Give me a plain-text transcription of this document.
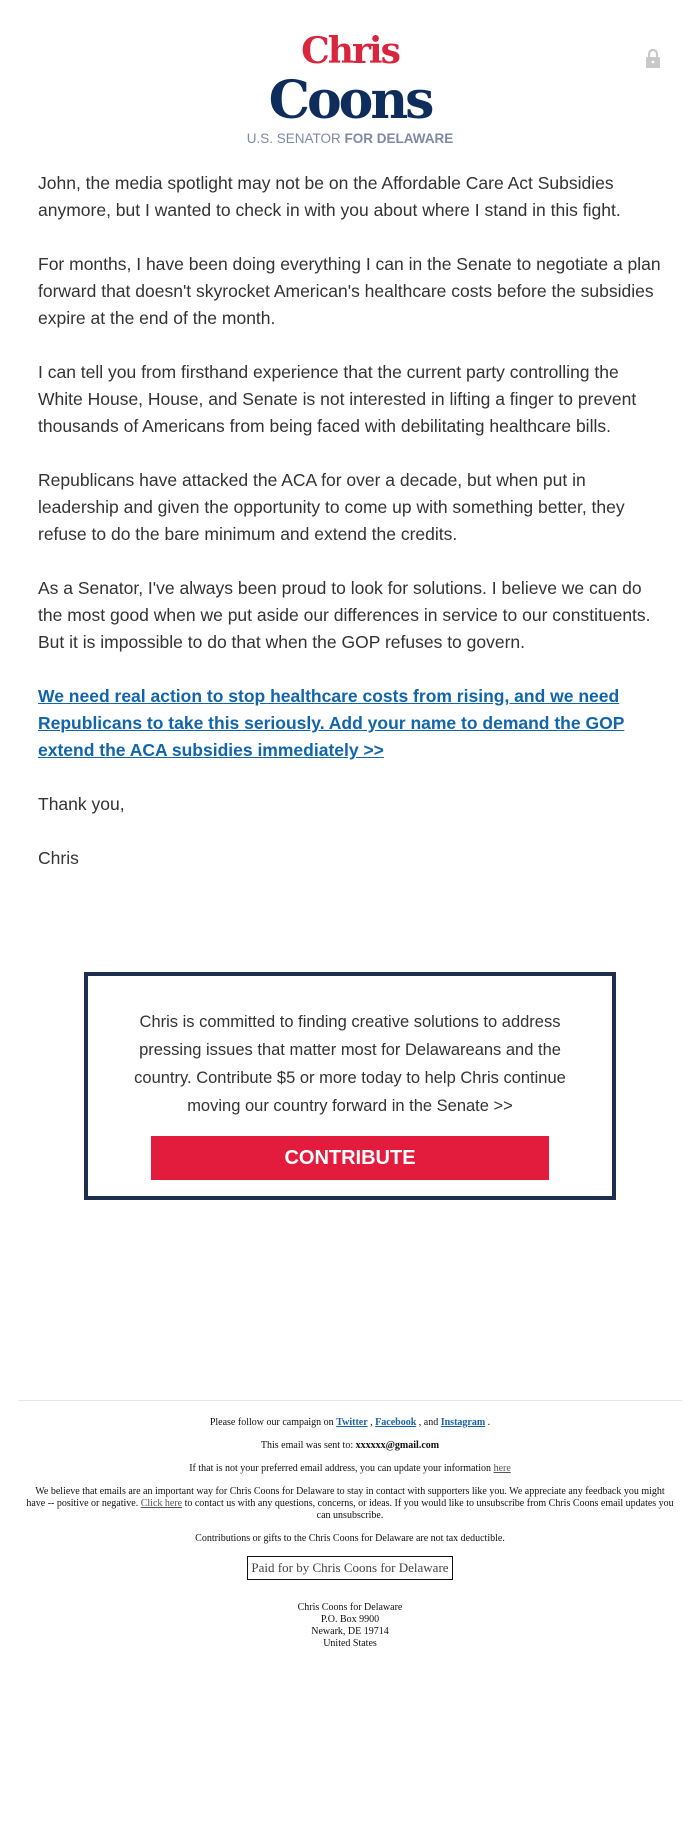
Chris
Coons
U.S. SENATOR FOR DELAWARE

John, the media spotlight may not be on the Affordable Care Act Subsidies anymore, but I wanted to check in with you about where I stand in this fight.

For months, I have been doing everything I can in the Senate to negotiate a plan forward that doesn't skyrocket American's healthcare costs before the subsidies expire at the end of the month.

I can tell you from firsthand experience that the current party controlling the White House, House, and Senate is not interested in lifting a finger to prevent thousands of Americans from being faced with debilitating healthcare bills.

Republicans have attacked the ACA for over a decade, but when put in leadership and given the opportunity to come up with something better, they refuse to do the bare minimum and extend the credits.

As a Senator, I've always been proud to look for solutions. I believe we can do the most good when we put aside our differences in service to our constituents. But it is impossible to do that when the GOP refuses to govern.

We need real action to stop healthcare costs from rising, and we need Republicans to take this seriously. Add your name to demand the GOP extend the ACA subsidies immediately >>

Thank you,

Chris

Chris is committed to finding creative solutions to address pressing issues that matter most for Delawareans and the country. Contribute $5 or more today to help Chris continue moving our country forward in the Senate >>

CONTRIBUTE

Please follow our campaign on Twitter , Facebook , and Instagram .

This email was sent to: xxxxxx@gmail.com

If that is not your preferred email address, you can update your information here

We believe that emails are an important way for Chris Coons for Delaware to stay in contact with supporters like you. We appreciate any feedback you might have -- positive or negative. Click here to contact us with any questions, concerns, or ideas. If you would like to unsubscribe from Chris Coons email updates you can unsubscribe.

Contributions or gifts to the Chris Coons for Delaware are not tax deductible.

Paid for by Chris Coons for Delaware
Chris Coons for Delaware
P.O. Box 9900
Newark, DE 19714
United States
